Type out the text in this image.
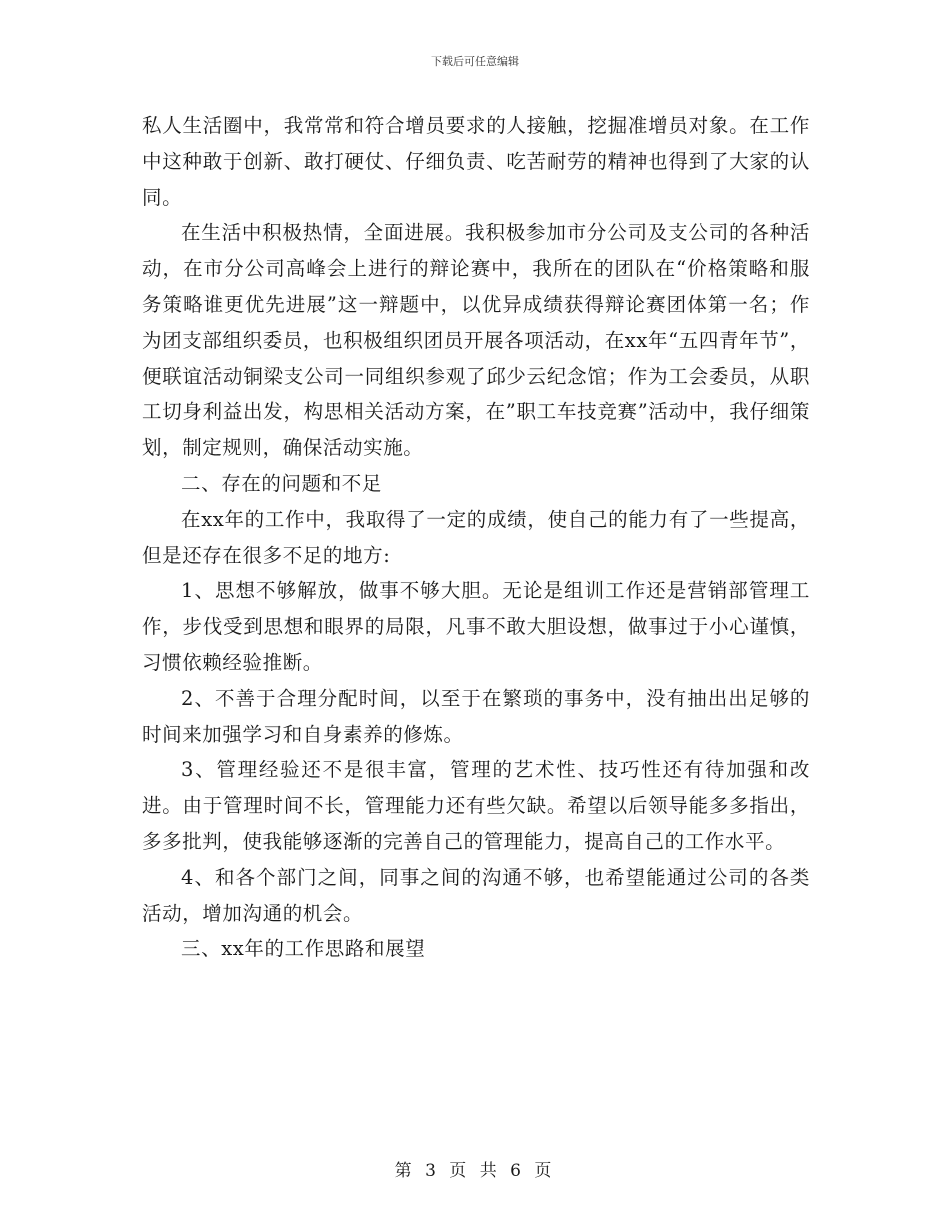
下载后可任意编辑

私人生活圈中，我常常和符合增员要求的人接触，挖掘准增员对象。在工作中这种敢于创新、敢打硬仗、仔细负责、吃苦耐劳的精神也得到了大家的认同。

在生活中积极热情，全面进展。我积极参加市分公司及支公司的各种活动，在市分公司高峰会上进行的辩论赛中，我所在的团队在“价格策略和服务策略谁更优先进展”这一辩题中，以优异成绩获得辩论赛团体第一名；作为团支部组织委员，也积极组织团员开展各项活动，在xx年“五四青年节”，便联谊活动铜梁支公司一同组织参观了邱少云纪念馆；作为工会委员，从职工切身利益出发，构思相关活动方案，在”职工车技竞赛”活动中，我仔细策划，制定规则，确保活动实施。

二、存在的问题和不足

在xx年的工作中，我取得了一定的成绩，使自己的能力有了一些提高，但是还存在很多不足的地方:

1、思想不够解放，做事不够大胆。无论是组训工作还是营销部管理工作，步伐受到思想和眼界的局限，凡事不敢大胆设想，做事过于小心谨慎，习惯依赖经验推断。

2、不善于合理分配时间，以至于在繁琐的事务中，没有抽出出足够的时间来加强学习和自身素养的修炼。

3、管理经验还不是很丰富，管理的艺术性、技巧性还有待加强和改进。由于管理时间不长，管理能力还有些欠缺。希望以后领导能多多指出，多多批判，使我能够逐渐的完善自己的管理能力，提高自己的工作水平。

4、和各个部门之间，同事之间的沟通不够，也希望能通过公司的各类活动，增加沟通的机会。

三、xx年的工作思路和展望

第 3 页 共 6 页
